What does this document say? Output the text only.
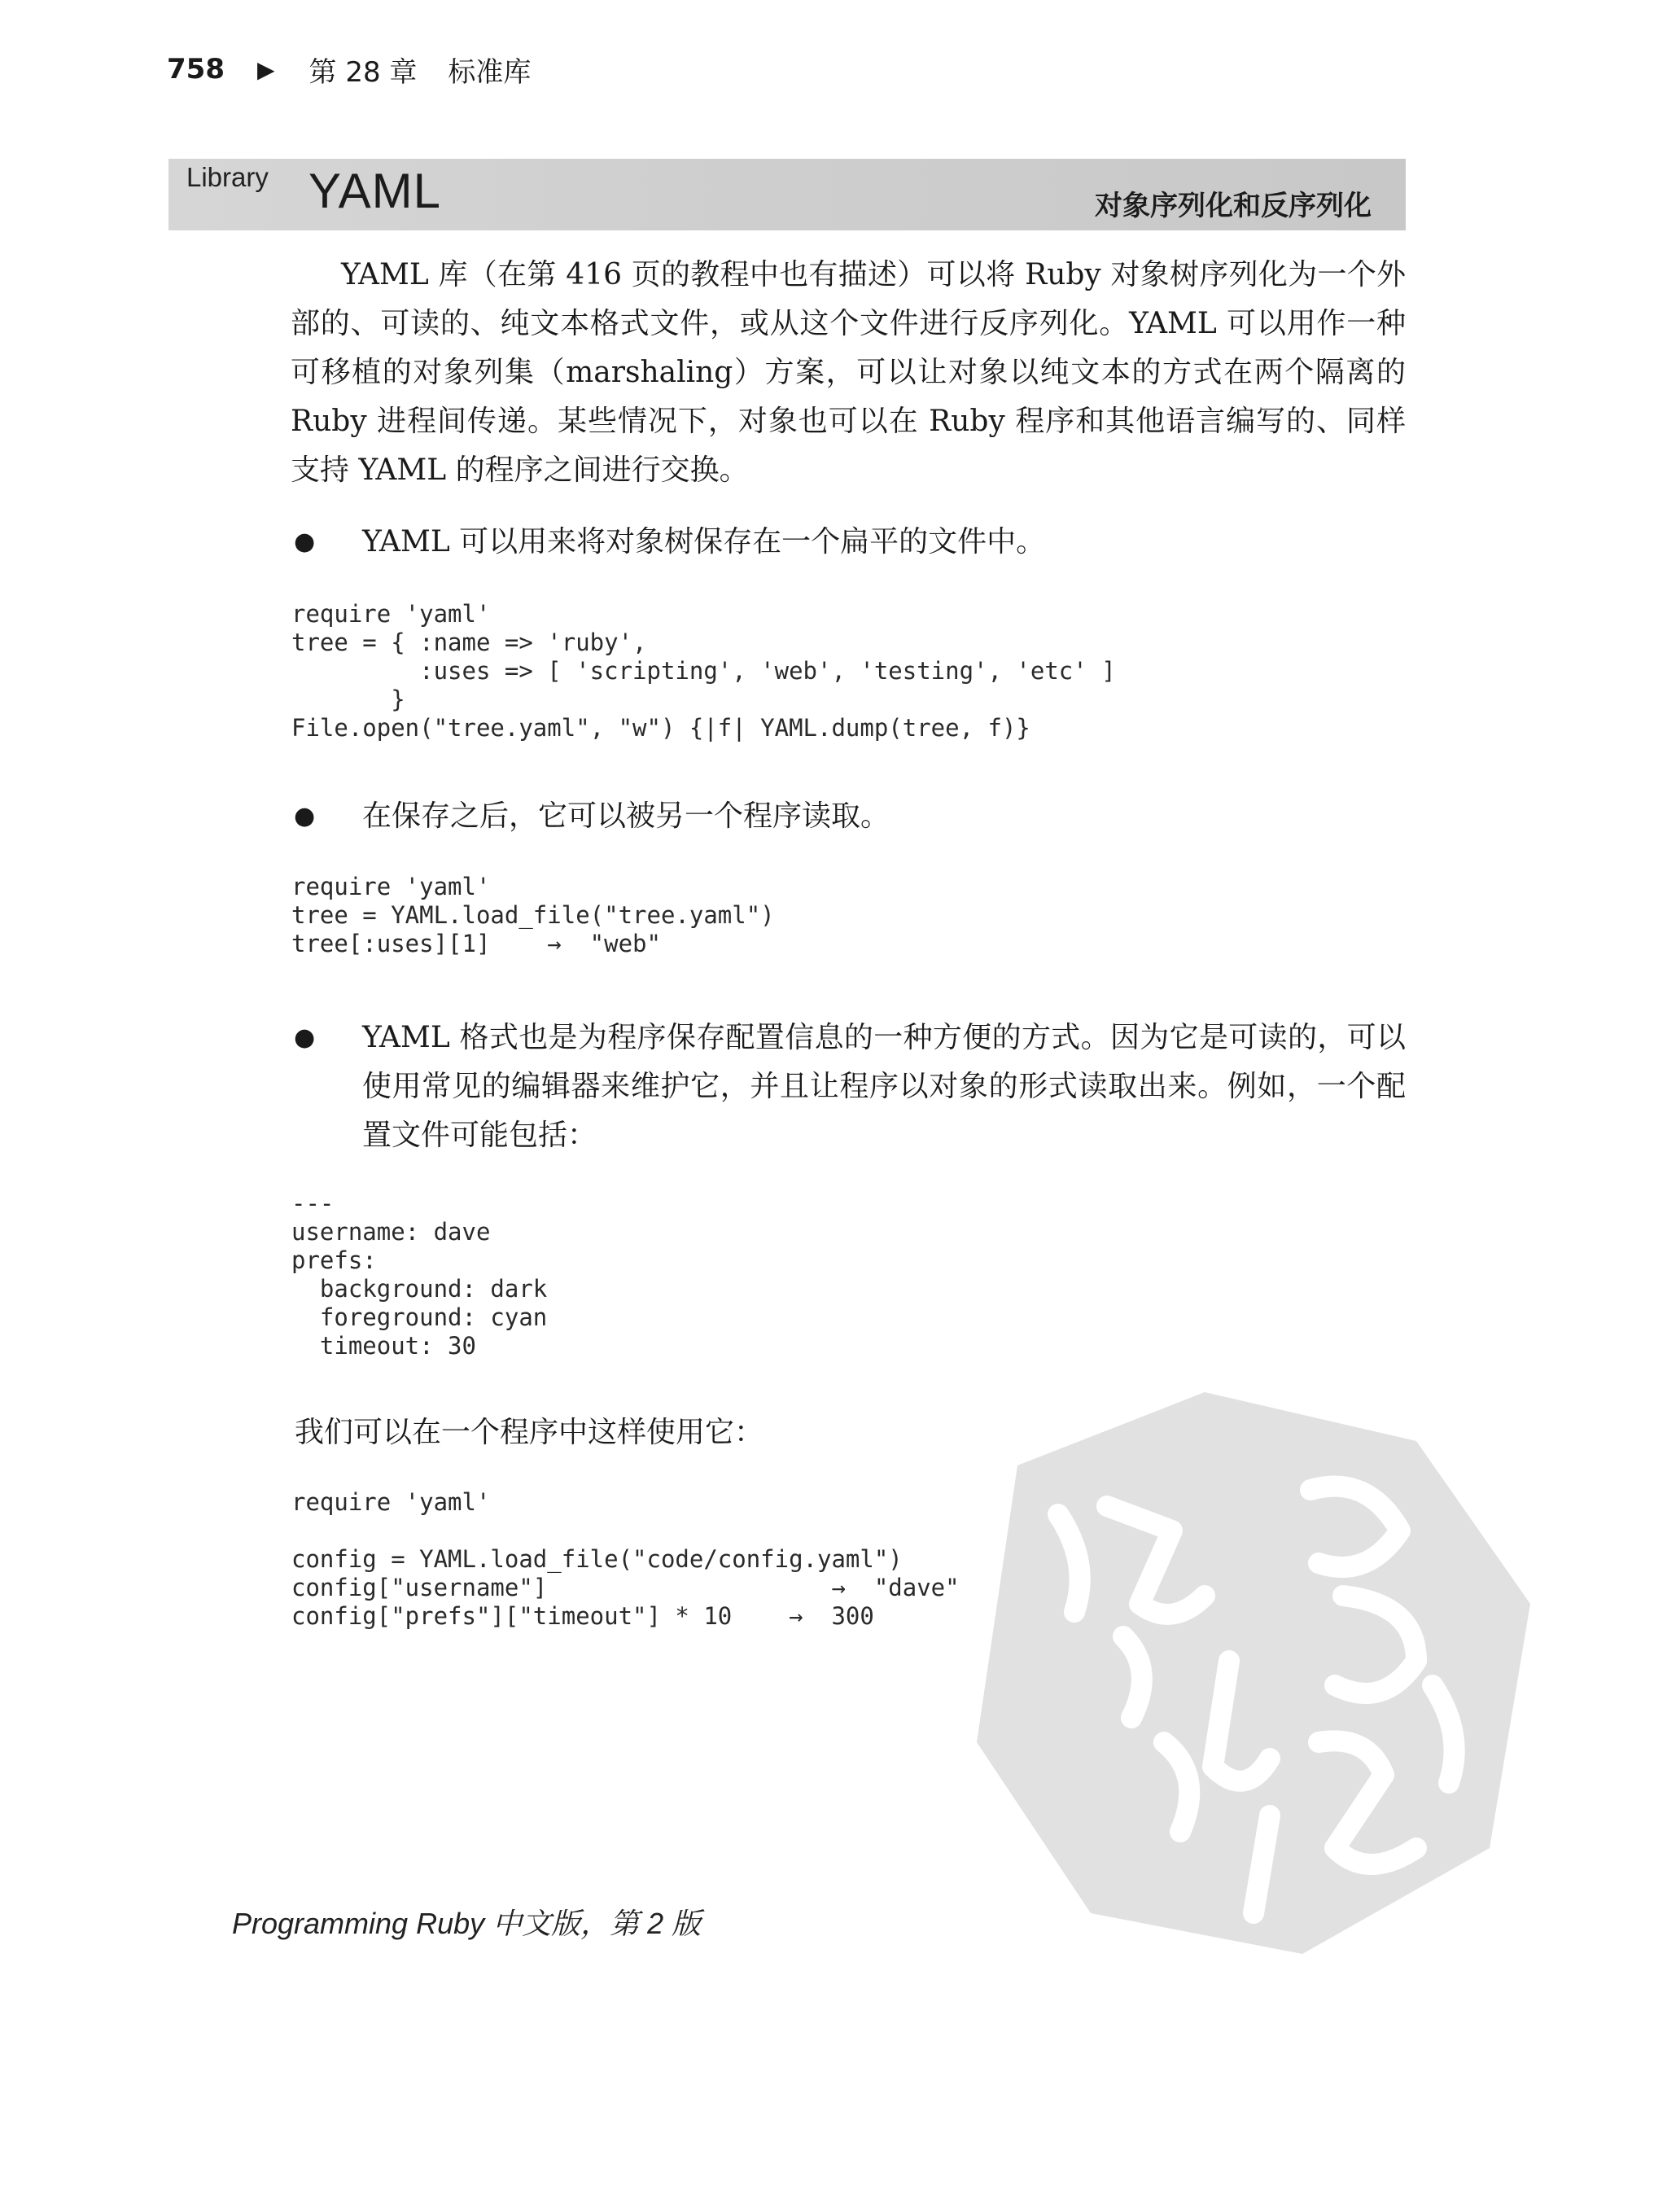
758 ▶ 第 28 章 标准库
Library YAML	对象序列化和反序列化
YAML 库（在第 416 页的教程中也有描述）可以将 Ruby 对象树序列化为一个外部的、可读的、纯文本格式文件，或从这个文件进行反序列化。YAML 可以用作一种可移植的对象列集（marshaling）方案，可以让对象以纯文本的方式在两个隔离的 Ruby 进程间传递。某些情况下，对象也可以在 Ruby 程序和其他语言编写的、同样支持 YAML 的程序之间进行交换。
● YAML 可以用来将对象树保存在一个扁平的文件中。
require 'yaml'
tree = { :name => 'ruby',
:uses => [ 'scripting', 'web', 'testing', 'etc' ]
}
File.open("tree.yaml", "w") {|f| YAML.dump(tree, f)}
● 在保存之后，它可以被另一个程序读取。
require 'yaml'
tree = YAML.load_file("tree.yaml")
tree[:uses][1]    →  "web"
● YAML 格式也是为程序保存配置信息的一种方便的方式。因为它是可读的，可以使用常见的编辑器来维护它，并且让程序以对象的形式读取出来。例如，一个配置文件可能包括：
---
username: dave
prefs:
background: dark
foreground: cyan
timeout: 30
我们可以在一个程序中这样使用它：
require 'yaml'

config = YAML.load_file("code/config.yaml")
config["username"]                    →  "dave"
config["prefs"]["timeout"] * 10    →  300
Programming Ruby 中文版，第 2 版
